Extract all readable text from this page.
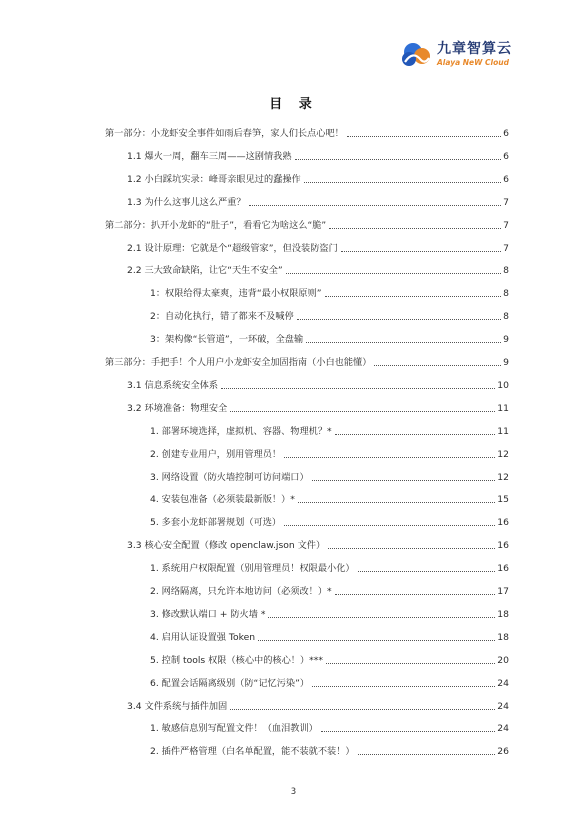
九章智算云
Alaya NeW Cloud
目 录
第一部分：小龙虾安全事件如雨后春笋，家人们长点心吧！	6
1.1 爆火一周，翻车三周——这剧情我熟	6
1.2 小白踩坑实录：峰哥亲眼见过的蠢操作	6
1.3 为什么这事儿这么严重？	7
第二部分：扒开小龙虾的“肚子”，看看它为啥这么“脆”	7
2.1 设计原理：它就是个“超级管家”，但没装防盗门	7
2.2 三大致命缺陷，让它“天生不安全”	8
1：权限给得太豪爽，违背“最小权限原则”	8
2：自动化执行，错了都来不及喊停	8
3：架构像“长管道”，一环破，全盘输	9
第三部分：手把手！个人用户小龙虾安全加固指南（小白也能懂）	9
3.1 信息系统安全体系	10
3.2 环境准备：物理安全	11
1. 部署环境选择，虚拟机、容器、物理机？*	11
2. 创建专业用户，别用管理员！	12
3. 网络设置（防火墙控制可访问端口）	12
4. 安装包准备（必须装最新版！）*	15
5. 多套小龙虾部署规划（可选）	16
3.3 核心安全配置（修改 openclaw.json 文件）	16
1. 系统用户权限配置（别用管理员！权限最小化）	16
2. 网络隔离，只允许本地访问（必须改！）*	17
3. 修改默认端口 + 防火墙 *	18
4. 启用认证设置强 Token	18
5. 控制 tools 权限（核心中的核心！）***	20
6. 配置会话隔离级别（防“记忆污染”）	24
3.4 文件系统与插件加固	24
1. 敏感信息别写配置文件！（血泪教训）	24
2. 插件严格管理（白名单配置，能不装就不装！）	26
3
